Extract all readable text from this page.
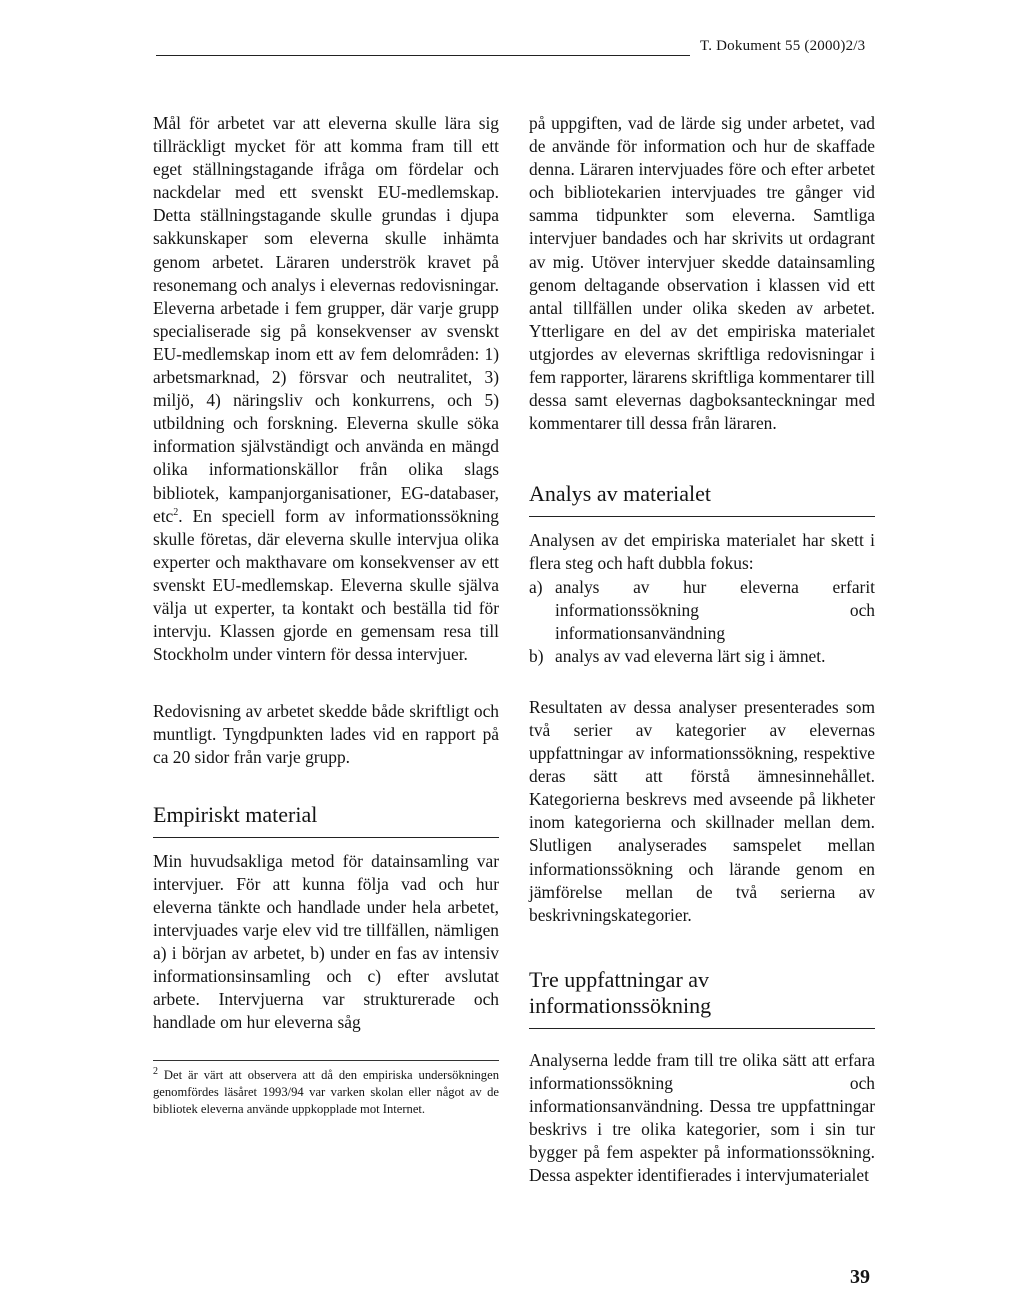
T. Dokument 55 (2000)2/3

Mål för arbetet var att eleverna skulle lära sig tillräckligt mycket för att komma fram till ett eget ställningstagande ifråga om fördelar och nackdelar med ett svenskt EU-medlemskap. Detta ställningstagande skulle grundas i djupa sakkunskaper som eleverna skulle inhämta genom arbetet. Läraren underströk kravet på resonemang och analys i elevernas redovisningar. Eleverna arbetade i fem grupper, där varje grupp specialiserade sig på konsekvenser av svenskt EU-medlemskap inom ett av fem delområden: 1) arbetsmarknad, 2) försvar och neutralitet, 3) miljö, 4) näringsliv och konkurrens, och 5) utbildning och forskning. Eleverna skulle söka information självständigt och använda en mängd olika informationskällor från olika slags bibliotek, kampanjorganisationer, EG-databaser, etc$^2$. En speciell form av informationssökning skulle företas, där eleverna skulle intervjua olika experter och makthavare om konsekvenser av ett svenskt EU-medlemskap. Eleverna skulle själva välja ut experter, ta kontakt och beställa tid för intervju. Klassen gjorde en gemensam resa till Stockholm under vintern för dessa intervjuer.

Redovisning av arbetet skedde både skriftligt och muntligt. Tyngdpunkten lades vid en rapport på ca 20 sidor från varje grupp.

Empiriskt material

Min huvudsakliga metod för datainsamling var intervjuer. För att kunna följa vad och hur eleverna tänkte och handlade under hela arbetet, intervjuades varje elev vid tre tillfällen, nämligen a) i början av arbetet, b) under en fas av intensiv informationsinsamling och c) efter avslutat arbete. Intervjuerna var strukturerade och handlade om hur eleverna såg

$^2$ Det är värt att observera att då den empiriska undersökningen genomfördes läsåret 1993/94 var varken skolan eller något av de bibliotek eleverna använde uppkopplade mot Internet.

på uppgiften, vad de lärde sig under arbetet, vad de använde för information och hur de skaffade denna. Läraren intervjuades före och efter arbetet och bibliotekarien intervjuades tre gånger vid samma tidpunkter som eleverna. Samtliga intervjuer bandades och har skrivits ut ordagrant av mig. Utöver intervjuer skedde datainsamling genom deltagande observation i klassen vid ett antal tillfällen under olika skeden av arbetet. Ytterligare en del av det empiriska materialet utgjordes av elevernas skriftliga redovisningar i fem rapporter, lärarens skriftliga kommentarer till dessa samt elevernas dagboksanteckningar med kommentarer till dessa från läraren.

Analys av materialet

Analysen av det empiriska materialet har skett i flera steg och haft dubbla fokus:

a) analys av hur eleverna erfarit informationssökning och informationsanvändning
b) analys av vad eleverna lärt sig i ämnet.

Resultaten av dessa analyser presenterades som två serier av kategorier av elevernas uppfattningar av informationssökning, respektive deras sätt att förstå ämnesinnehållet. Kategorierna beskrevs med avseende på likheter inom kategorierna och skillnader mellan dem. Slutligen analyserades samspelet mellan informationssökning och lärande genom en jämförelse mellan de två serierna av beskrivningskategorier.

Tre uppfattningar av informationssökning

Analyserna ledde fram till tre olika sätt att erfara informationssökning och informationsanvändning. Dessa tre uppfattningar beskrivs i tre olika kategorier, som i sin tur bygger på fem aspekter på informationssökning. Dessa aspekter identifierades i intervjumaterialet

39
